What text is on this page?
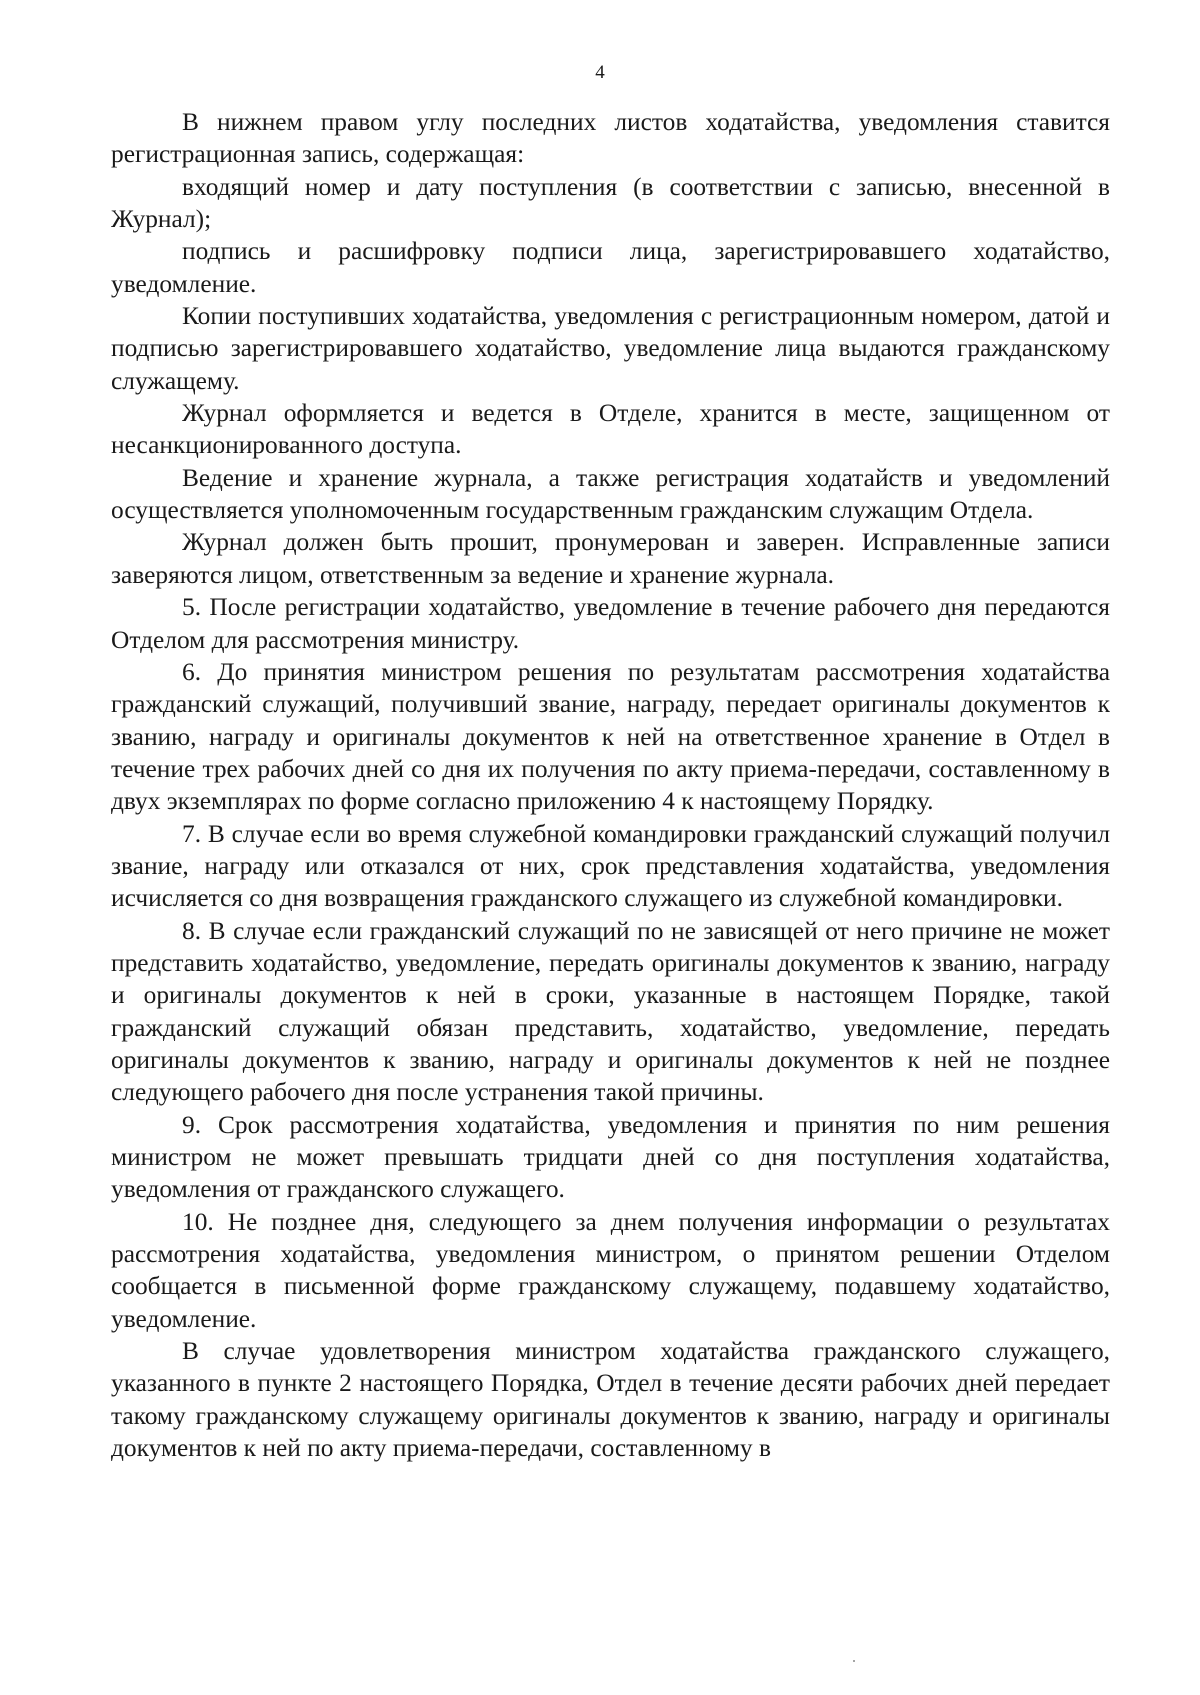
4

В нижнем правом углу последних листов ходатайства, уведомления ставится регистрационная запись, содержащая:

входящий номер и дату поступления (в соответствии с записью, внесенной в Журнал);

подпись и расшифровку подписи лица, зарегистрировавшего ходатайство, уведомление.

Копии поступивших ходатайства, уведомления с регистрационным номером, датой и подписью зарегистрировавшего ходатайство, уведомление лица выдаются гражданскому служащему.

Журнал оформляется и ведется в Отделе, хранится в месте, защищенном от несанкционированного доступа.

Ведение и хранение журнала, а также регистрация ходатайств и уведомлений осуществляется уполномоченным государственным гражданским служащим Отдела.

Журнал должен быть прошит, пронумерован и заверен. Исправленные записи заверяются лицом, ответственным за ведение и хранение журнала.

5. После регистрации ходатайство, уведомление в течение рабочего дня передаются Отделом для рассмотрения министру.

6. До принятия министром решения по результатам рассмотрения ходатайства гражданский служащий, получивший звание, награду, передает оригиналы документов к званию, награду и оригиналы документов к ней на ответственное хранение в Отдел в течение трех рабочих дней со дня их получения по акту приема-передачи, составленному в двух экземплярах по форме согласно приложению 4 к настоящему Порядку.

7. В случае если во время служебной командировки гражданский служащий получил звание, награду или отказался от них, срок представления ходатайства, уведомления исчисляется со дня возвращения гражданского служащего из служебной командировки.

8. В случае если гражданский служащий по не зависящей от него причине не может представить ходатайство, уведомление, передать оригиналы документов к званию, награду и оригиналы документов к ней в сроки, указанные в настоящем Порядке, такой гражданский служащий обязан представить, ходатайство, уведомление, передать оригиналы документов к званию, награду и оригиналы документов к ней не позднее следующего рабочего дня после устранения такой причины.

9. Срок рассмотрения ходатайства, уведомления и принятия по ним решения министром не может превышать тридцати дней со дня поступления ходатайства, уведомления от гражданского служащего.

10. Не позднее дня, следующего за днем получения информации о результатах рассмотрения ходатайства, уведомления министром, о принятом решении Отделом сообщается в письменной форме гражданскому служащему, подавшему ходатайство, уведомление.

В случае удовлетворения министром ходатайства гражданского служащего, указанного в пункте 2 настоящего Порядка, Отдел в течение десяти рабочих дней передает такому гражданскому служащему оригиналы документов к званию, награду и оригиналы документов к ней по акту приема-передачи, составленному в
